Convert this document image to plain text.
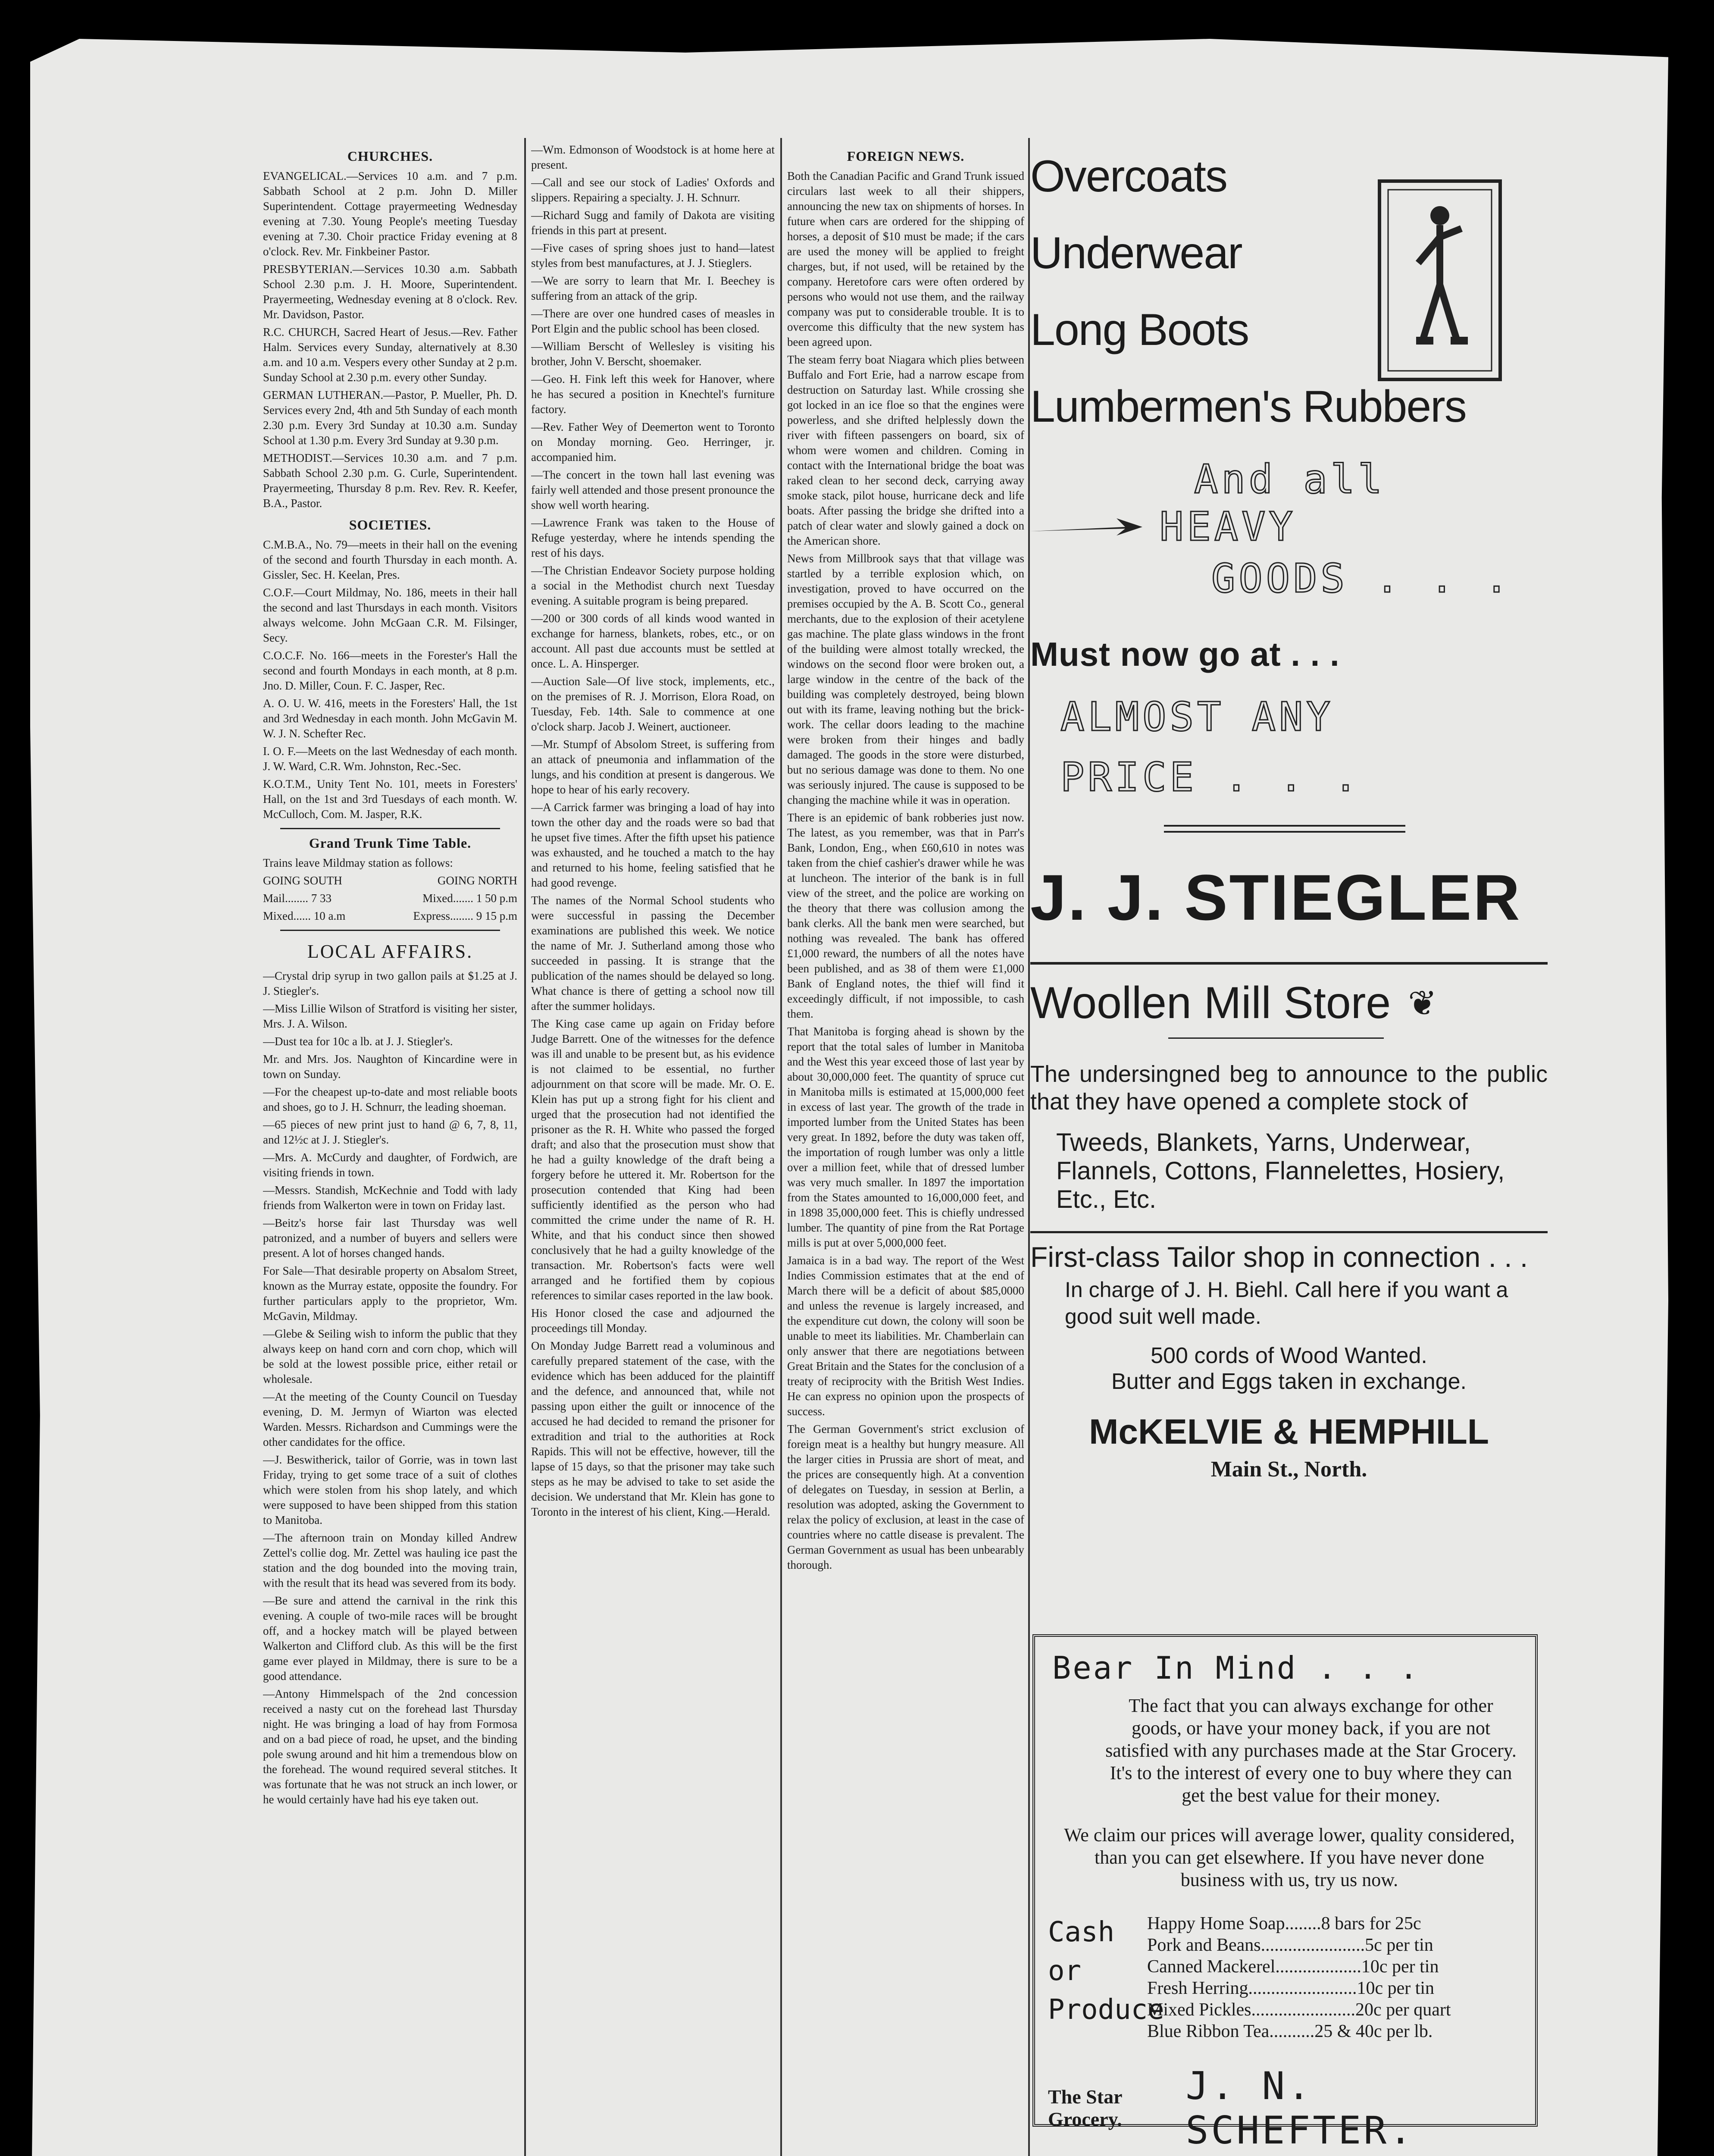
CHURCHES.

EVANGELICAL.—Services 10 a.m. and 7 p.m. Sabbath School at 2 p.m. John D. Miller Superintendent. Cottage prayermeeting Wednesday evening at 7.30. Young People's meeting Tuesday evening at 7.30. Choir practice Friday evening at 8 o'clock. Rev. Mr. Finkbeiner Pastor.

PRESBYTERIAN.—Services 10.30 a.m. Sabbath School 2.30 p.m. J. H. Moore, Superintendent. Prayermeeting, Wednesday evening at 8 o'clock. Rev. Mr. Davidson, Pastor.

R.C. CHURCH, Sacred Heart of Jesus.—Rev. Father Halm. Services every Sunday, alternatively at 8.30 a.m. and 10 a.m. Vespers every other Sunday at 2 p.m. Sunday School at 2.30 p.m. every other Sunday.

GERMAN LUTHERAN.—Pastor, P. Mueller, Ph. D. Services every 2nd, 4th and 5th Sunday of each month 2.30 p.m. Every 3rd Sunday at 10.30 a.m. Sunday School at 1.30 p.m. Every 3rd Sunday at 9.30 p.m.

METHODIST.—Services 10.30 a.m. and 7 p.m. Sabbath School 2.30 p.m. G. Curle, Superintendent. Prayermeeting, Thursday 8 p.m. Rev. Rev. R. Keefer, B.A., Pastor.

SOCIETIES.

C.M.B.A., No. 79—meets in their hall on the evening of the second and fourth Thursday in each month. A. Gissler, Sec. H. Keelan, Pres.

C.O.F.—Court Mildmay, No. 186, meets in their hall the second and last Thursdays in each month. Visitors always welcome. John McGaan C.R. M. Filsinger, Secy.

C.O.C.F. No. 166—meets in the Forester's Hall the second and fourth Mondays in each month, at 8 p.m. Jno. D. Miller, Coun. F. C. Jasper, Rec.

A. O. U. W. 416, meets in the Foresters' Hall, the 1st and 3rd Wednesday in each month. John McGavin M. W. J. N. Schefter Rec.

I. O. F.—Meets on the last Wednesday of each month. J. W. Ward, C.R. Wm. Johnston, Rec.-Sec.

K.O.T.M., Unity Tent No. 101, meets in Foresters' Hall, on the 1st and 3rd Tuesdays of each month. W. McCulloch, Com. M. Jasper, R.K.

Grand Trunk Time Table.

Trains leave Mildmay station as follows:

GOING SOUTH	GOING NORTH
Mail........ 7 33	Mixed....... 1 50 p.m
Mixed...... 10 a.m	Express........ 9 15 p.m
LOCAL AFFAIRS.

—Crystal drip syrup in two gallon pails at $1.25 at J. J. Stiegler's.

—Miss Lillie Wilson of Stratford is visiting her sister, Mrs. J. A. Wilson.

—Dust tea for 10c a lb. at J. J. Stiegler's.

Mr. and Mrs. Jos. Naughton of Kincardine were in town on Sunday.

—For the cheapest up-to-date and most reliable boots and shoes, go to J. H. Schnurr, the leading shoeman.

—65 pieces of new print just to hand @ 6, 7, 8, 11, and 12½c at J. J. Stiegler's.

—Mrs. A. McCurdy and daughter, of Fordwich, are visiting friends in town.

—Messrs. Standish, McKechnie and Todd with lady friends from Walkerton were in town on Friday last.

—Beitz's horse fair last Thursday was well patronized, and a number of buyers and sellers were present. A lot of horses changed hands.

For Sale—That desirable property on Absalom Street, known as the Murray estate, opposite the foundry. For further particulars apply to the proprietor, Wm. McGavin, Mildmay.

—Glebe & Seiling wish to inform the public that they always keep on hand corn and corn chop, which will be sold at the lowest possible price, either retail or wholesale.

—At the meeting of the County Council on Tuesday evening, D. M. Jermyn of Wiarton was elected Warden. Messrs. Richardson and Cummings were the other candidates for the office.

—J. Beswitherick, tailor of Gorrie, was in town last Friday, trying to get some trace of a suit of clothes which were stolen from his shop lately, and which were supposed to have been shipped from this station to Manitoba.

—The afternoon train on Monday killed Andrew Zettel's collie dog. Mr. Zettel was hauling ice past the station and the dog bounded into the moving train, with the result that its head was severed from its body.

—Be sure and attend the carnival in the rink this evening. A couple of two-mile races will be brought off, and a hockey match will be played between Walkerton and Clifford club. As this will be the first game ever played in Mildmay, there is sure to be a good attendance.

—Antony Himmelspach of the 2nd concession received a nasty cut on the forehead last Thursday night. He was bringing a load of hay from Formosa and on a bad piece of road, he upset, and the binding pole swung around and hit him a tremendous blow on the forehead. The wound required several stitches. It was fortunate that he was not struck an inch lower, or he would certainly have had his eye taken out.

—Wm. Edmonson of Woodstock is at home here at present.

—Call and see our stock of Ladies' Oxfords and slippers. Repairing a specialty. J. H. Schnurr.

—Richard Sugg and family of Dakota are visiting friends in this part at present.

—Five cases of spring shoes just to hand—latest styles from best manufactures, at J. J. Stieglers.

—We are sorry to learn that Mr. I. Beechey is suffering from an attack of the grip.

—There are over one hundred cases of measles in Port Elgin and the public school has been closed.

—William Berscht of Wellesley is visiting his brother, John V. Berscht, shoemaker.

—Geo. H. Fink left this week for Hanover, where he has secured a position in Knechtel's furniture factory.

—Rev. Father Wey of Deemerton went to Toronto on Monday morning. Geo. Herringer, jr. accompanied him.

—The concert in the town hall last evening was fairly well attended and those present pronounce the show well worth hearing.

—Lawrence Frank was taken to the House of Refuge yesterday, where he intends spending the rest of his days.

—The Christian Endeavor Society purpose holding a social in the Methodist church next Tuesday evening. A suitable program is being prepared.

—200 or 300 cords of all kinds wood wanted in exchange for harness, blankets, robes, etc., or on account. All past due accounts must be settled at once. L. A. Hinsperger.

—Auction Sale—Of live stock, implements, etc., on the premises of R. J. Morrison, Elora Road, on Tuesday, Feb. 14th. Sale to commence at one o'clock sharp. Jacob J. Weinert, auctioneer.

—Mr. Stumpf of Absolom Street, is suffering from an attack of pneumonia and inflammation of the lungs, and his condition at present is dangerous. We hope to hear of his early recovery.

—A Carrick farmer was bringing a load of hay into town the other day and the roads were so bad that he upset five times. After the fifth upset his patience was exhausted, and he touched a match to the hay and returned to his home, feeling satisfied that he had good revenge.

The names of the Normal School students who were successful in passing the December examinations are published this week. We notice the name of Mr. J. Sutherland among those who succeeded in passing. It is strange that the publication of the names should be delayed so long. What chance is there of getting a school now till after the summer holidays.

The King case came up again on Friday before Judge Barrett. One of the witnesses for the defence was ill and unable to be present but, as his evidence is not claimed to be essential, no further adjournment on that score will be made. Mr. O. E. Klein has put up a strong fight for his client and urged that the prosecution had not identified the prisoner as the R. H. White who passed the forged draft; and also that the prosecution must show that he had a guilty knowledge of the draft being a forgery before he uttered it. Mr. Robertson for the prosecution contended that King had been sufficiently identified as the person who had committed the crime under the name of R. H. White, and that his conduct since then showed conclusively that he had a guilty knowledge of the transaction. Mr. Robertson's facts were well arranged and he fortified them by copious references to similar cases reported in the law book.

His Honor closed the case and adjourned the proceedings till Monday.

On Monday Judge Barrett read a voluminous and carefully prepared statement of the case, with the evidence which has been adduced for the plaintiff and the defence, and announced that, while not passing upon either the guilt or innocence of the accused he had decided to remand the prisoner for extradition and trial to the authorities at Rock Rapids. This will not be effective, however, till the lapse of 15 days, so that the prisoner may take such steps as he may be advised to take to set aside the decision. We understand that Mr. Klein has gone to Toronto in the interest of his client, King.—Herald.

FOREIGN NEWS.

Both the Canadian Pacific and Grand Trunk issued circulars last week to all their shippers, announcing the new tax on shipments of horses. In future when cars are ordered for the shipping of horses, a deposit of $10 must be made; if the cars are used the money will be applied to freight charges, but, if not used, will be retained by the company. Heretofore cars were often ordered by persons who would not use them, and the railway company was put to considerable trouble. It is to overcome this difficulty that the new system has been agreed upon.

The steam ferry boat Niagara which plies between Buffalo and Fort Erie, had a narrow escape from destruction on Saturday last. While crossing she got locked in an ice floe so that the engines were powerless, and she drifted helplessly down the river with fifteen passengers on board, six of whom were women and children. Coming in contact with the International bridge the boat was raked clean to her second deck, carrying away smoke stack, pilot house, hurricane deck and life boats. After passing the bridge she drifted into a patch of clear water and slowly gained a dock on the American shore.

News from Millbrook says that that village was startled by a terrible explosion which, on investigation, proved to have occurred on the premises occupied by the A. B. Scott Co., general merchants, due to the explosion of their acetylene gas machine. The plate glass windows in the front of the building were almost totally wrecked, the windows on the second floor were broken out, a large window in the centre of the back of the building was completely destroyed, being blown out with its frame, leaving nothing but the brick-work. The cellar doors leading to the machine were broken from their hinges and badly damaged. The goods in the store were disturbed, but no serious damage was done to them. No one was seriously injured. The cause is supposed to be changing the machine while it was in operation.

There is an epidemic of bank robberies just now. The latest, as you remember, was that in Parr's Bank, London, Eng., when £60,610 in notes was taken from the chief cashier's drawer while he was at luncheon. The interior of the bank is in full view of the street, and the police are working on the theory that there was collusion among the bank clerks. All the bank men were searched, but nothing was revealed. The bank has offered £1,000 reward, the numbers of all the notes have been published, and as 38 of them were £1,000 Bank of England notes, the thief will find it exceedingly difficult, if not impossible, to cash them.

That Manitoba is forging ahead is shown by the report that the total sales of lumber in Manitoba and the West this year exceed those of last year by about 30,000,000 feet. The quantity of spruce cut in Manitoba mills is estimated at 15,000,000 feet in excess of last year. The growth of the trade in imported lumber from the United States has been very great. In 1892, before the duty was taken off, the importation of rough lumber was only a little over a million feet, while that of dressed lumber was very much smaller. In 1897 the importation from the States amounted to 16,000,000 feet, and in 1898 35,000,000 feet. This is chiefly undressed lumber. The quantity of pine from the Rat Portage mills is put at over 5,000,000 feet.

Jamaica is in a bad way. The report of the West Indies Commission estimates that at the end of March there will be a deficit of about $85,0000 and unless the revenue is largely increased, and the expenditure cut down, the colony will soon be unable to meet its liabilities. Mr. Chamberlain can only answer that there are negotiations between Great Britain and the States for the conclusion of a treaty of reciprocity with the British West Indies. He can express no opinion upon the prospects of success.

The German Government's strict exclusion of foreign meat is a healthy but hungry measure. All the larger cities in Prussia are short of meat, and the prices are consequently high. At a convention of delegates on Tuesday, in session at Berlin, a resolution was adopted, asking the Government to relax the policy of exclusion, at least in the case of countries where no cattle disease is prevalent. The German Government as usual has been unbearably thorough.

Overcoats

Underwear

Long Boots

Lumbermen's Rubbers

And all
HEAVY
GOODS . . .
Must now go at . . .
ALMOST ANY
PRICE . . .
J. J. STIEGLER
Woollen Mill Store ❦

The undersingned beg to announce to the public that they have opened a complete stock of

Tweeds, Blankets, Yarns, Underwear, Flannels, Cottons, Flannelettes, Hosiery, Etc., Etc.

First-class Tailor shop in connection . . .

In charge of J. H. Biehl. Call here if you want a good suit well made.

500 cords of Wood Wanted.

Butter and Eggs taken in exchange.

McKELVIE & HEMPHILL

Main St., North.

Bear In Mind . . .

The fact that you can always exchange for other goods, or have your money back, if you are not satisfied with any purchases made at the Star Grocery. It's to the interest of every one to buy where they can get the best value for their money.

We claim our prices will average lower, quality considered, than you can get elsewhere. If you have never done business with us, try us now.

Cash or Produce
Happy Home Soap........8 bars for 25c
Pork and Beans.......................5c per tin
Canned Mackerel...................10c per tin
Fresh Herring........................10c per tin
Mixed Pickles.......................20c per quart
Blue Ribbon Tea..........25 & 40c per lb.
The Star Grocery.
J. N. SCHEFTER.
